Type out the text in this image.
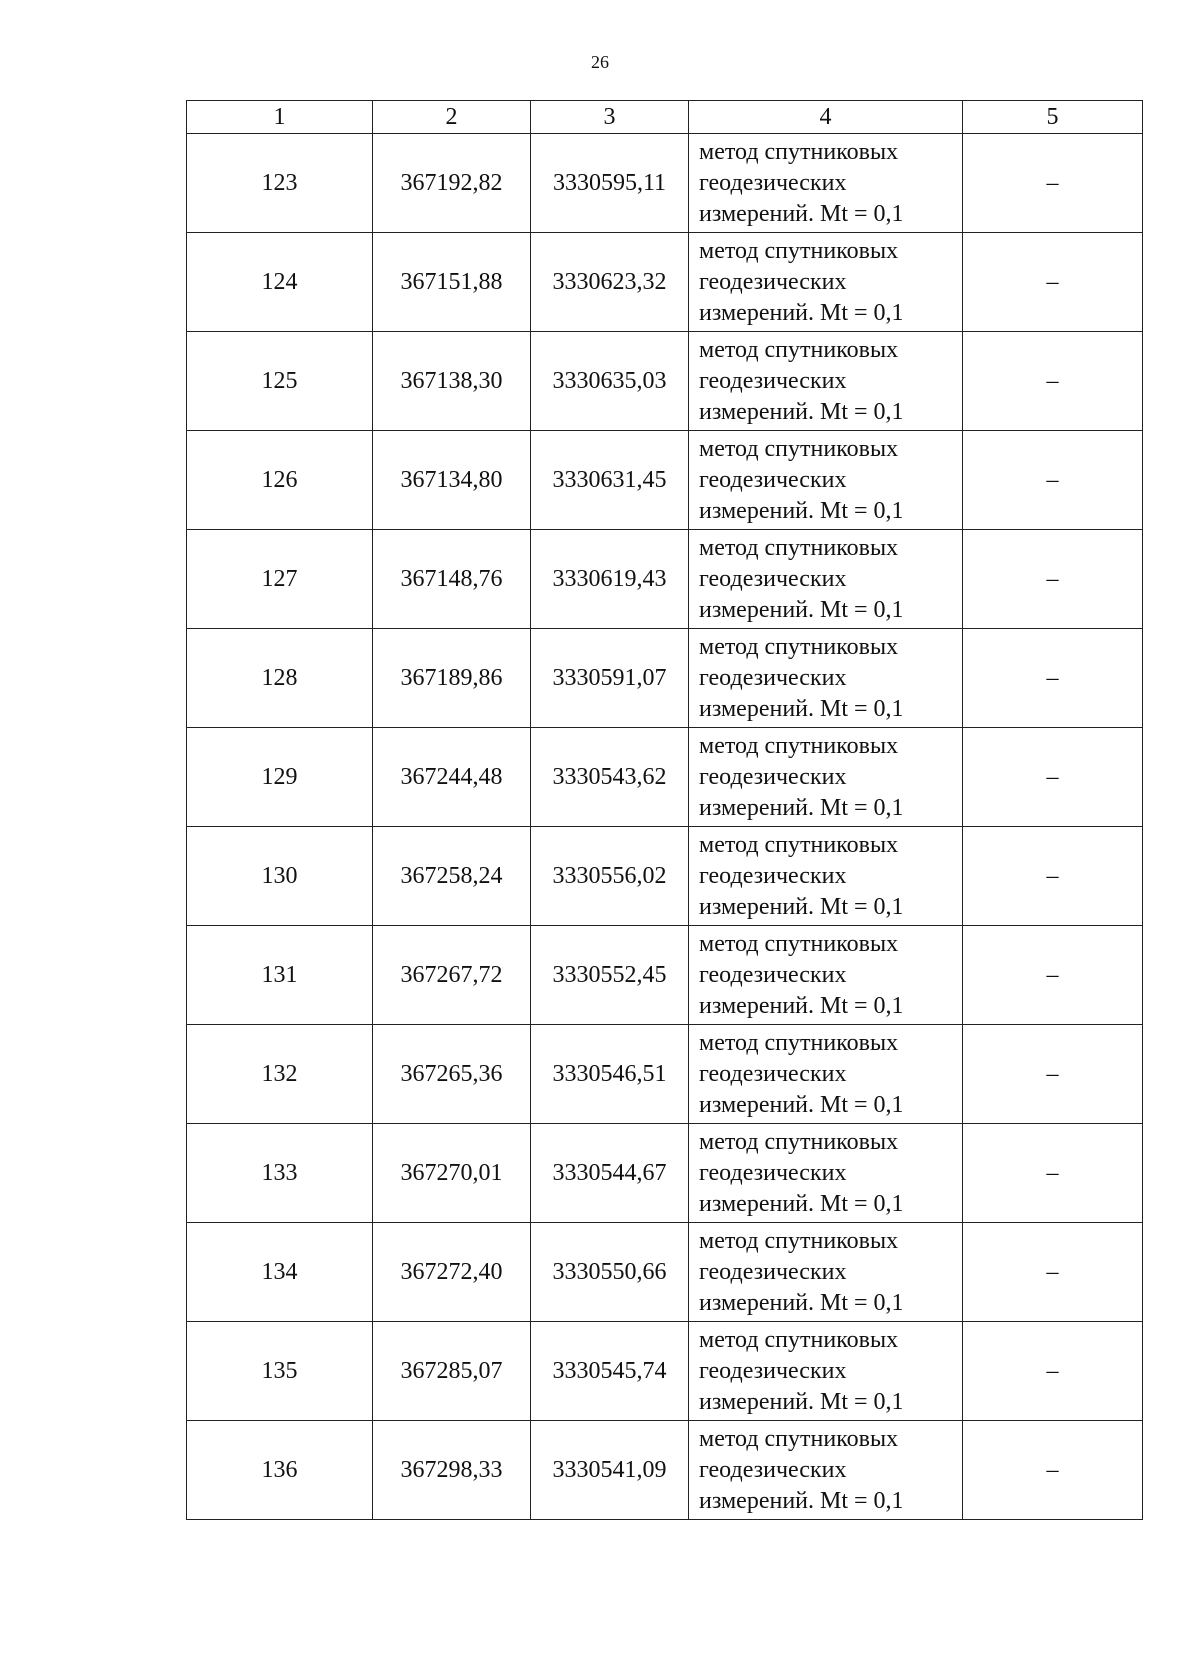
26
1	2	3	4	5
123	367192,82	3330595,11	метод спутниковых
геодезических
измерений. Mt = 0,1	–
124	367151,88	3330623,32	метод спутниковых
геодезических
измерений. Mt = 0,1	–
125	367138,30	3330635,03	метод спутниковых
геодезических
измерений. Mt = 0,1	–
126	367134,80	3330631,45	метод спутниковых
геодезических
измерений. Mt = 0,1	–
127	367148,76	3330619,43	метод спутниковых
геодезических
измерений. Mt = 0,1	–
128	367189,86	3330591,07	метод спутниковых
геодезических
измерений. Mt = 0,1	–
129	367244,48	3330543,62	метод спутниковых
геодезических
измерений. Mt = 0,1	–
130	367258,24	3330556,02	метод спутниковых
геодезических
измерений. Mt = 0,1	–
131	367267,72	3330552,45	метод спутниковых
геодезических
измерений. Mt = 0,1	–
132	367265,36	3330546,51	метод спутниковых
геодезических
измерений. Mt = 0,1	–
133	367270,01	3330544,67	метод спутниковых
геодезических
измерений. Mt = 0,1	–
134	367272,40	3330550,66	метод спутниковых
геодезических
измерений. Mt = 0,1	–
135	367285,07	3330545,74	метод спутниковых
геодезических
измерений. Mt = 0,1	–
136	367298,33	3330541,09	метод спутниковых
геодезических
измерений. Mt = 0,1	–
